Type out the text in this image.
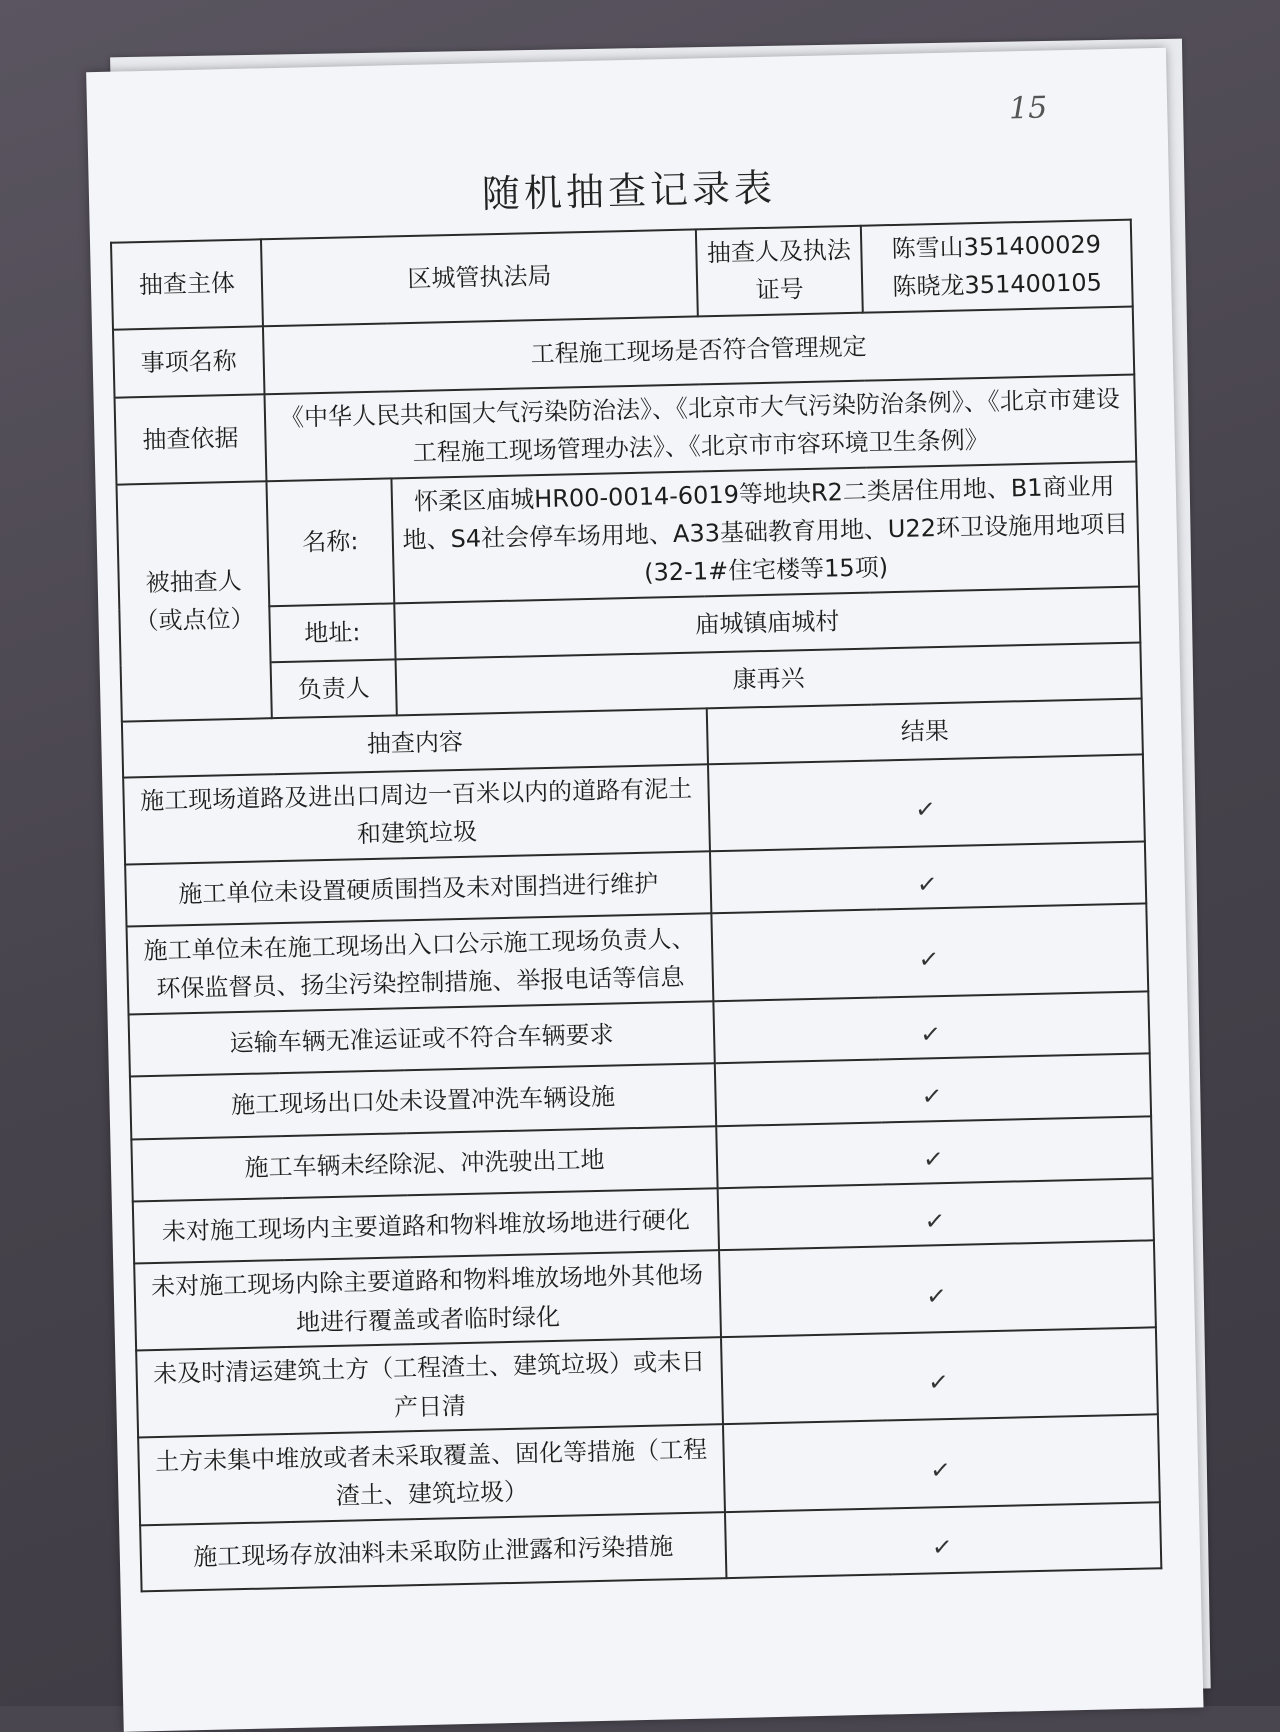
15
随机抽查记录表
抽查主体	区城管执法局		抽查人及执法证号	陈雪山351400029
陈晓龙351400105

事项名称	工程施工现场是否符合管理规定			
抽查依据	《中华人民共和国大气污染防治法》、《北京市大气污染防治条例》、《北京市建设工程施工现场管理办法》、《北京市市容环境卫生条例》			
被抽查人（或点位）	名称:	怀柔区庙城HR00-0014-6019等地块R2二类居住用地、B1商业用地、S4社会停车场用地、A33基础教育用地、U22环卫设施用地项目(32-1#住宅楼等15项)		
	地址:	庙城镇庙城村		
	负责人	康再兴		
抽查内容			结果	
施工现场道路及进出口周边一百米以内的道路有泥土和建筑垃圾			✓	
施工单位未设置硬质围挡及未对围挡进行维护			✓	
施工单位未在施工现场出入口公示施工现场负责人、环保监督员、扬尘污染控制措施、举报电话等信息			✓	
运输车辆无准运证或不符合车辆要求			✓	
施工现场出口处未设置冲洗车辆设施			✓	
施工车辆未经除泥、冲洗驶出工地			✓	
未对施工现场内主要道路和物料堆放场地进行硬化			✓	
未对施工现场内除主要道路和物料堆放场地外其他场地进行覆盖或者临时绿化			✓	
未及时清运建筑土方（工程渣土、建筑垃圾）或未日产日清			✓	
土方未集中堆放或者未采取覆盖、固化等措施（工程渣土、建筑垃圾）			✓	
施工现场存放油料未采取防止泄露和污染措施			✓	
